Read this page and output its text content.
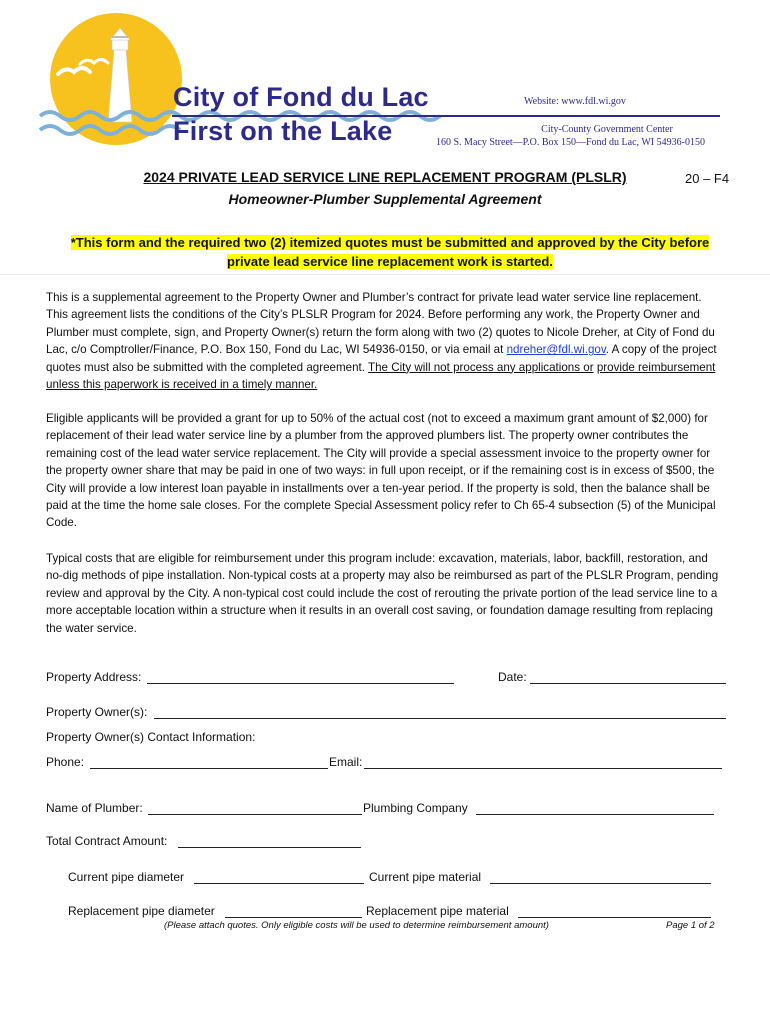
City of Fond du Lac
First on the Lake
Website: www.fdl.wi.gov
City-County Government Center
160 S. Macy Street—P.O. Box 150—Fond du Lac, WI 54936-0150
2024 PRIVATE LEAD SERVICE LINE REPLACEMENT PROGRAM (PLSLR)	20 – F4
Homeowner-Plumber Supplemental Agreement
*This form and the required two (2) itemized quotes must be submitted and approved by the City before
private lead service line replacement work is started.

This is a supplemental agreement to the Property Owner and Plumber’s contract for private lead water service line replacement. This agreement lists the conditions of the City’s PLSLR Program for 2024. Before performing any work, the Property Owner and Plumber must complete, sign, and Property Owner(s) return the form along with two (2) quotes to Nicole Dreher, at City of Fond du Lac, c/o Comptroller/Finance, P.O. Box 150, Fond du Lac, WI 54936-0150, or via email at ndreher@fdl.wi.gov. A copy of the project quotes must also be submitted with the completed agreement. The City will not process any applications or provide reimbursement unless this paperwork is received in a timely manner.

Eligible applicants will be provided a grant for up to 50% of the actual cost (not to exceed a maximum grant amount of $2,000) for replacement of their lead water service line by a plumber from the approved plumbers list. The property owner contributes the remaining cost of the lead water service replacement. The City will provide a special assessment invoice to the property owner for the property owner share that may be paid in one of two ways: in full upon receipt, or if the remaining cost is in excess of $500, the City will provide a low interest loan payable in installments over a ten-year period. If the property is sold, then the balance shall be paid at the time the home sale closes. For the complete Special Assessment policy refer to Ch 65-4 subsection (5) of the Municipal Code.

Typical costs that are eligible for reimbursement under this program include: excavation, materials, labor, backfill, restoration, and no-dig methods of pipe installation. Non-typical costs at a property may also be reimbursed as part of the PLSLR Program, pending review and approval by the City. A non-typical cost could include the cost of rerouting the private portion of the lead service line to a more acceptable location within a structure when it results in an overall cost saving, or foundation damage resulting from replacing the water service.

Property Address:	Date:
Property Owner(s):
Property Owner(s) Contact Information:
Phone:	Email:
Name of Plumber:	Plumbing Company
Total Contract Amount:
Current pipe diameter	Current pipe material
Replacement pipe diameter	Replacement pipe material
(Please attach quotes. Only eligible costs will be used to determine reimbursement amount)	Page 1 of 2
